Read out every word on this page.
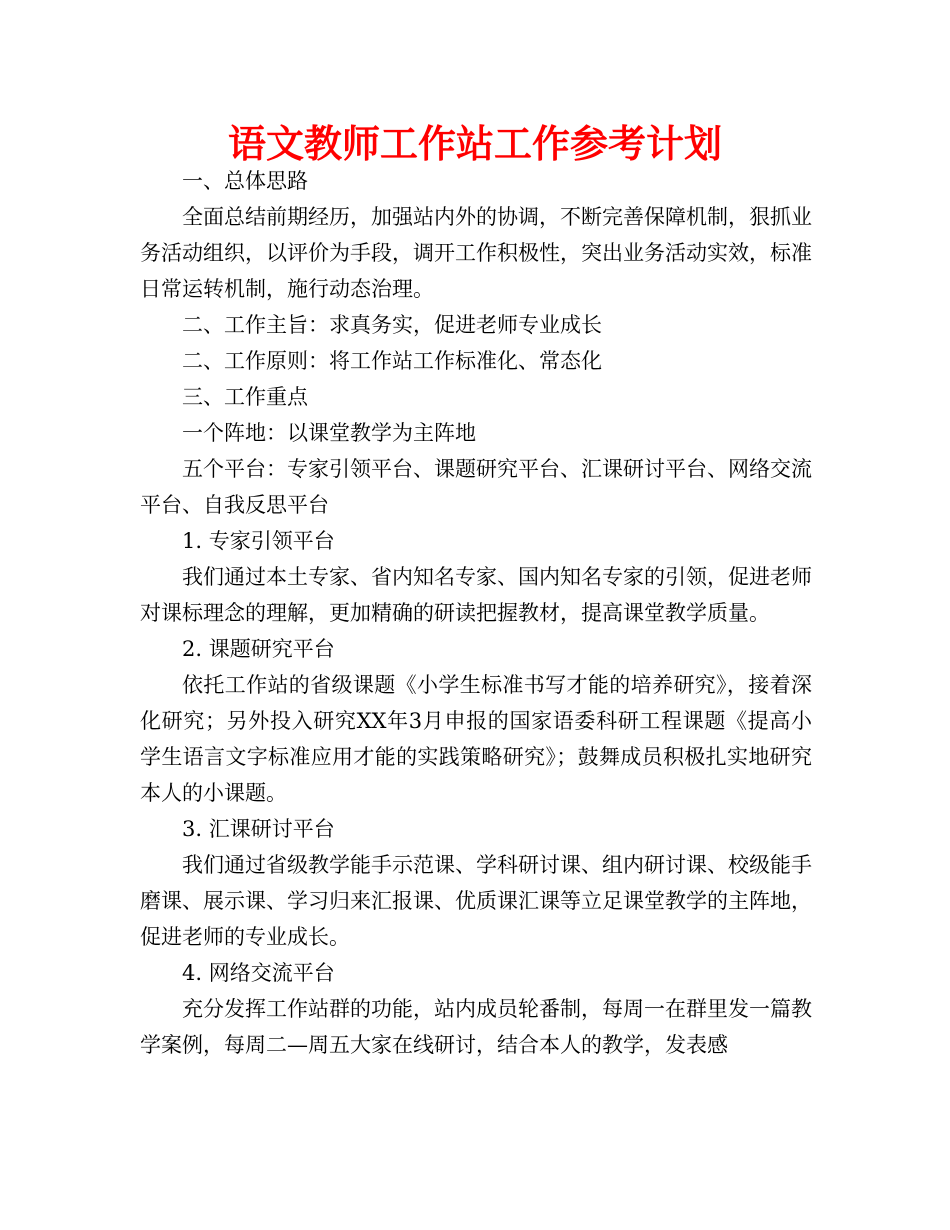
语文教师工作站工作参考计划

一、总体思路

全面总结前期经历，加强站内外的协调，不断完善保障机制，狠抓业务活动组织，以评价为手段，调开工作积极性，突出业务活动实效，标准日常运转机制，施行动态治理。

二、工作主旨：求真务实，促进老师专业成长

二、工作原则：将工作站工作标准化、常态化

三、工作重点

一个阵地：以课堂教学为主阵地

五个平台：专家引领平台、课题研究平台、汇课研讨平台、网络交流平台、自我反思平台

1. 专家引领平台

我们通过本土专家、省内知名专家、国内知名专家的引领，促进老师对课标理念的理解，更加精确的研读把握教材，提高课堂教学质量。

2. 课题研究平台

依托工作站的省级课题《小学生标准书写才能的培养研究》，接着深化研究；另外投入研究XX年3月申报的国家语委科研工程课题《提高小学生语言文字标准应用才能的实践策略研究》；鼓舞成员积极扎实地研究本人的小课题。

3. 汇课研讨平台

我们通过省级教学能手示范课、学科研讨课、组内研讨课、校级能手磨课、展示课、学习归来汇报课、优质课汇课等立足课堂教学的主阵地，促进老师的专业成长。

4. 网络交流平台

充分发挥工作站群的功能，站内成员轮番制，每周一在群里发一篇教学案例，每周二—周五大家在线研讨，结合本人的教学，发表感
